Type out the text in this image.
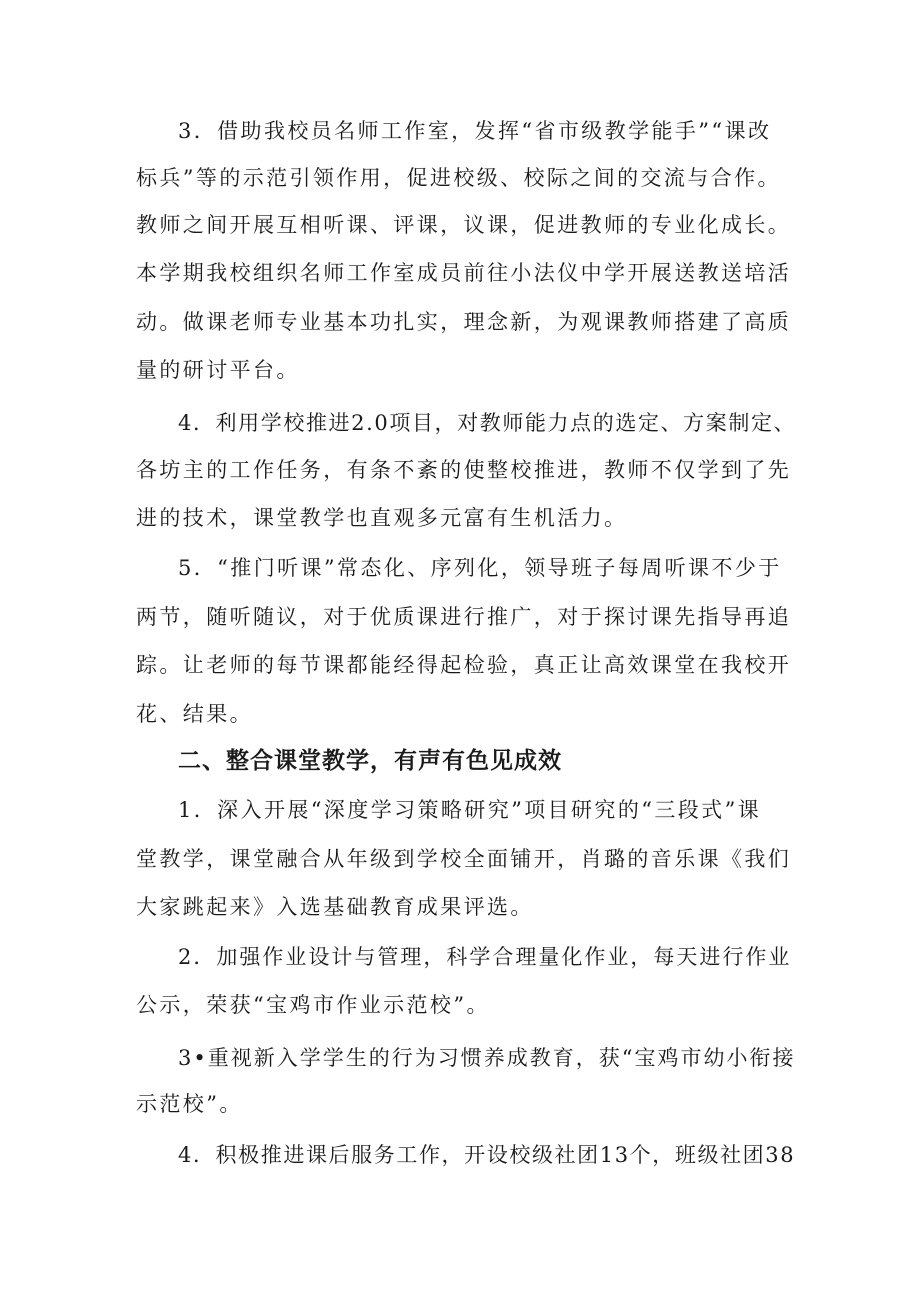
3．借助我校员名师工作室，发挥“省市级教学能手”“课改
标兵”等的示范引领作用，促进校级、校际之间的交流与合作。
教师之间开展互相听课、评课，议课，促进教师的专业化成长。
本学期我校组织名师工作室成员前往小法仪中学开展送教送培活
动。做课老师专业基本功扎实，理念新，为观课教师搭建了高质
量的研讨平台。
4．利用学校推进2.0项目，对教师能力点的选定、方案制定、
各坊主的工作任务，有条不紊的使整校推进，教师不仅学到了先
进的技术，课堂教学也直观多元富有生机活力。
5．“推门听课”常态化、序列化，领导班子每周听课不少于
两节，随听随议，对于优质课进行推广，对于探讨课先指导再追
踪。让老师的每节课都能经得起检验，真正让高效课堂在我校开
花、结果。
二、整合课堂教学，有声有色见成效
1．深入开展“深度学习策略研究”项目研究的“三段式”课
堂教学，课堂融合从年级到学校全面铺开，肖璐的音乐课《我们
大家跳起来》入选基础教育成果评选。
2．加强作业设计与管理，科学合理量化作业，每天进行作业
公示，荣获“宝鸡市作业示范校”。
3•重视新入学学生的行为习惯养成教育，获“宝鸡市幼小衔接
示范校”。
4．积极推进课后服务工作，开设校级社团13个，班级社团38
